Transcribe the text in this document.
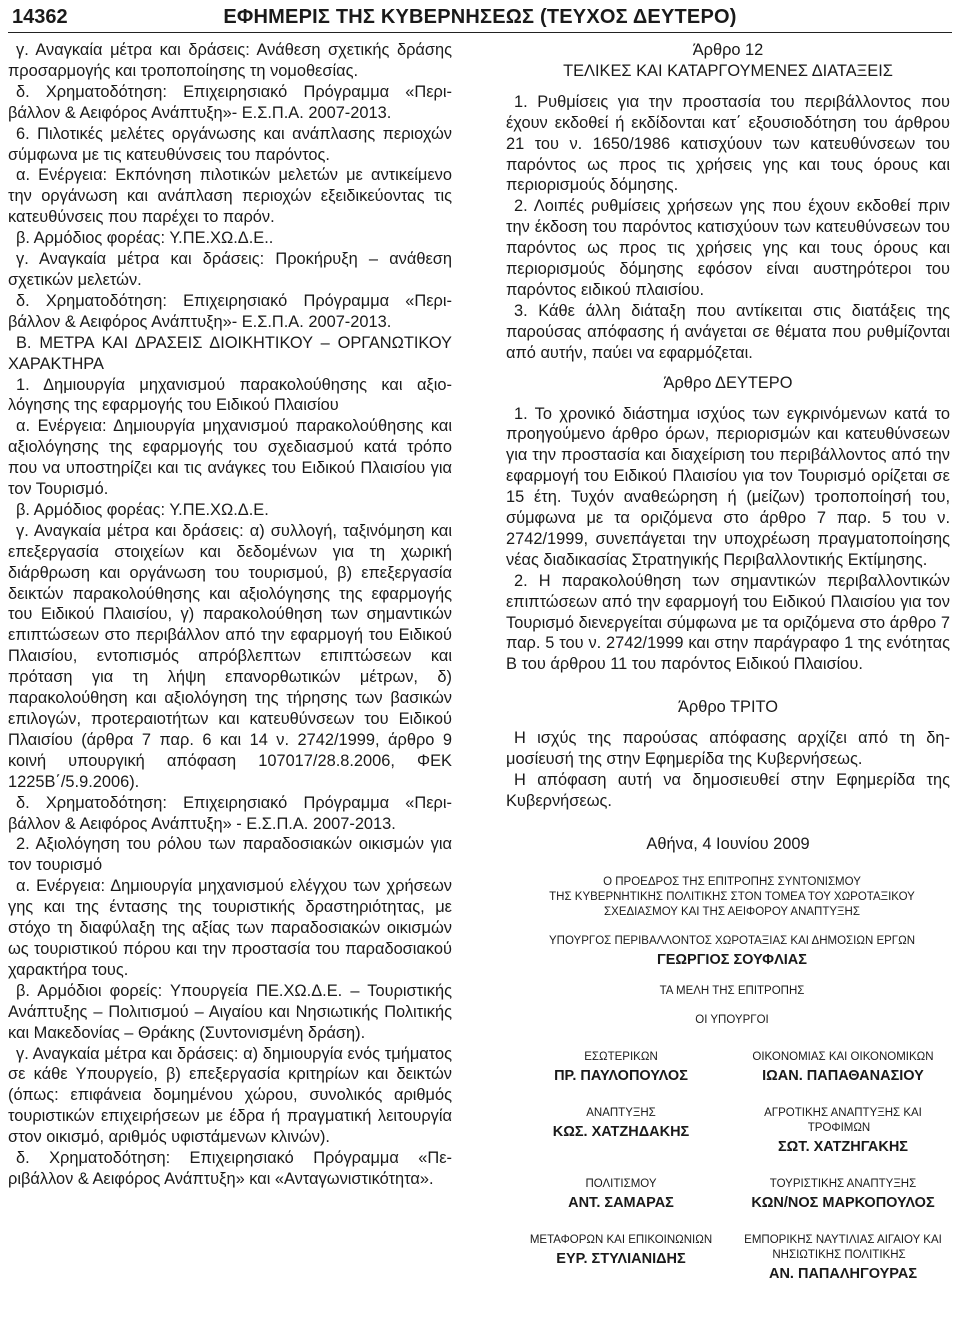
14362	ΕΦΗΜΕΡΙΣ ΤΗΣ ΚΥΒΕΡΝΗΣΕΩΣ (ΤΕΥΧΟΣ ΔΕΥΤΕΡΟ)

γ. Αναγκαία μέτρα και δράσεις: Ανάθεση σχετικής δράσης προσαρμογής και τροποποίησης τη νομοθεσίας.

δ. Χρηματοδότηση: Επιχειρησιακό Πρόγραμμα «Περιβάλλον & Αειφόρος Ανάπτυξη»- Ε.Σ.Π.Α. 2007-2013.

6. Πιλοτικές μελέτες οργάνωσης και ανάπλασης περιοχών σύμφωνα με τις κατευθύνσεις του παρόντος.

α. Ενέργεια: Εκπόνηση πιλοτικών μελετών με αντικείμενο την οργάνωση και ανάπλαση περιοχών εξειδικεύοντας τις κατευθύνσεις που παρέχει το παρόν.

β. Αρμόδιος φορέας: Υ.ΠΕ.ΧΩ.Δ.Ε..

γ. Αναγκαία μέτρα και δράσεις: Προκήρυξη – ανάθεση σχετικών μελετών.

δ. Χρηματοδότηση: Επιχειρησιακό Πρόγραμμα «Περιβάλλον & Αειφόρος Ανάπτυξη»- Ε.Σ.Π.Α. 2007-2013.

Β. ΜΕΤΡΑ ΚΑΙ ΔΡΑΣΕΙΣ ΔΙΟΙΚΗΤΙΚΟΥ – ΟΡΓΑΝΩΤΙΚΟΥ ΧΑΡΑΚΤΗΡΑ

1. Δημιουργία μηχανισμού παρακολούθησης και αξιολόγησης της εφαρμογής του Ειδικού Πλαισίου

α. Ενέργεια: Δημιουργία μηχανισμού παρακολούθησης και αξιολόγησης της εφαρμογής του σχεδιασμού κατά τρόπο που να υποστηρίζει και τις ανάγκες του Ειδικού Πλαισίου για τον Τουρισμό.

β. Αρμόδιος φορέας: Υ.ΠΕ.ΧΩ.Δ.Ε.

γ. Αναγκαία μέτρα και δράσεις: α) συλλογή, ταξινόμηση και επεξεργασία στοιχείων και δεδομένων για τη χωρική διάρθρωση και οργάνωση του τουρισμού, β) επεξεργασία δεικτών παρακολούθησης και αξιολόγησης της εφαρμογής του Ειδικού Πλαισίου, γ) παρακολούθηση των σημαντικών επιπτώσεων στο περιβάλλον από την εφαρμογή του Ειδικού Πλαισίου, εντοπισμός απρόβλεπτων επιπτώσεων και πρόταση για τη λήψη επανορθωτικών μέτρων, δ) παρακολούθηση και αξιολόγηση της τήρησης των βασικών επιλογών, προτεραιοτήτων και κατευθύνσεων του Ειδικού Πλαισίου (άρθρα 7 παρ. 6 και 14 ν. 2742/1999, άρθρο 9 κοινή υπουργική απόφαση 107017/28.8.2006, ΦΕΚ 1225Β΄/5.9.2006).

δ. Χρηματοδότηση: Επιχειρησιακό Πρόγραμμα «Περιβάλλον & Αειφόρος Ανάπτυξη» - Ε.Σ.Π.Α. 2007-2013.

2. Αξιολόγηση του ρόλου των παραδοσιακών οικισμών για τον τουρισμό

α. Ενέργεια: Δημιουργία μηχανισμού ελέγχου των χρήσεων γης και της έντασης της τουριστικής δραστηριότητας, με στόχο τη διαφύλαξη της αξίας των παραδοσιακών οικισμών ως τουριστικού πόρου και την προστασία του παραδοσιακού χαρακτήρα τους.

β. Αρμόδιοι φορείς: Υπουργεία ΠΕ.ΧΩ.Δ.Ε. – Τουριστικής Ανάπτυξης – Πολιτισμού – Αιγαίου και Νησιωτικής Πολιτικής και Μακεδονίας – Θράκης (Συντονισμένη δράση).

γ. Αναγκαία μέτρα και δράσεις: α) δημιουργία ενός τμήματος σε κάθε Υπουργείο, β) επεξεργασία κριτηρίων και δεικτών (όπως: επιφάνεια δομημένου χώρου, συνολικός αριθμός τουριστικών επιχειρήσεων με έδρα ή πραγματική λειτουργία στον οικισμό, αριθμός υφιστάμενων κλινών).

δ. Χρηματοδότηση: Επιχειρησιακό Πρόγραμμα «Περιβάλλον & Αειφόρος Ανάπτυξη» και «Ανταγωνιστικότητα».

Άρθρο 12

ΤΕΛΙΚΕΣ ΚΑΙ ΚΑΤΑΡΓΟΥΜΕΝΕΣ ΔΙΑΤΑΞΕΙΣ

1. Ρυθμίσεις για την προστασία του περιβάλλοντος που έχουν εκδοθεί ή εκδίδονται κατ΄ εξουσιοδότηση του άρθρου 21 του ν. 1650/1986 κατισχύουν των κατευθύνσεων του παρόντος ως προς τις χρήσεις γης και τους όρους και περιορισμούς δόμησης.

2. Λοιπές ρυθμίσεις χρήσεων γης που έχουν εκδοθεί πριν την έκδοση του παρόντος κατισχύουν των κατευθύνσεων του παρόντος ως προς τις χρήσεις γης και τους όρους και περιορισμούς δόμησης εφόσον είναι αυστηρότεροι του παρόντος ειδικού πλαισίου.

3. Κάθε άλλη διάταξη που αντίκειται στις διατάξεις της παρούσας απόφασης ή ανάγεται σε θέματα που ρυθμίζονται από αυτήν, παύει να εφαρμόζεται.

Άρθρο ΔΕΥΤΕΡΟ

1. Το χρονικό διάστημα ισχύος των εγκρινόμενων κατά το προηγούμενο άρθρο όρων, περιορισμών και κατευθύνσεων για την προστασία και διαχείριση του περιβάλλοντος από την εφαρμογή του Ειδικού Πλαισίου για τον Τουρισμό ορίζεται σε 15 έτη. Τυχόν αναθεώρηση ή (μείζων) τροποποίησή του, σύμφωνα με τα οριζόμενα στο άρθρο 7 παρ. 5 του ν. 2742/1999, συνεπάγεται την υποχρέωση πραγματοποίησης νέας διαδικασίας Στρατηγικής Περιβαλλοντικής Εκτίμησης.

2. Η παρακολούθηση των σημαντικών περιβαλλοντικών επιπτώσεων από την εφαρμογή του Ειδικού Πλαισίου για τον Τουρισμό διενεργείται σύμφωνα με τα οριζόμενα στο άρθρο 7 παρ. 5 του ν. 2742/1999 και στην παράγραφο 1 της ενότητας Β του άρθρου 11 του παρόντος Ειδικού Πλαισίου.

Άρθρο ΤΡΙΤΟ

Η ισχύς της παρούσας απόφασης αρχίζει από τη δημοσίευσή της στην Εφημερίδα της Κυβερνήσεως.

Η απόφαση αυτή να δημοσιευθεί στην Εφημερίδα της Κυβερνήσεως.

Αθήνα, 4 Ιουνίου 2009

Ο ΠΡΟΕΔΡΟΣ ΤΗΣ ΕΠΙΤΡΟΠΗΣ ΣΥΝΤΟΝΙΣΜΟΥ

ΤΗΣ ΚΥΒΕΡΝΗΤΙΚΗΣ ΠΟΛΙΤΙΚΗΣ ΣΤΟΝ ΤΟΜΕΑ ΤΟΥ ΧΩΡΟΤΑΞΙΚΟΥ

ΣΧΕΔΙΑΣΜΟΥ ΚΑΙ ΤΗΣ ΑΕΙΦΟΡΟΥ ΑΝΑΠΤΥΞΗΣ

ΥΠΟΥΡΓΟΣ ΠΕΡΙΒΑΛΛΟΝΤΟΣ ΧΩΡΟΤΑΞΙΑΣ ΚΑΙ ΔΗΜΟΣΙΩΝ ΕΡΓΩΝ

ΓΕΩΡΓΙΟΣ ΣΟΥΦΛΙΑΣ

ΤΑ ΜΕΛΗ ΤΗΣ ΕΠΙΤΡΟΠΗΣ

ΟΙ ΥΠΟΥΡΓΟΙ

ΕΣΩΤΕΡΙΚΩΝ

ΠΡ. ΠΑΥΛΟΠΟΥΛΟΣ

ΟΙΚΟΝΟΜΙΑΣ ΚΑΙ ΟΙΚΟΝΟΜΙΚΩΝ

ΙΩΑΝ. ΠΑΠΑΘΑΝΑΣΙΟΥ

ΑΝΑΠΤΥΞΗΣ

ΚΩΣ. ΧΑΤΖΗΔΑΚΗΣ

ΑΓΡΟΤΙΚΗΣ ΑΝΑΠΤΥΞΗΣ ΚΑΙ ΤΡΟΦΙΜΩΝ

ΣΩΤ. ΧΑΤΖΗΓΑΚΗΣ

ΠΟΛΙΤΙΣΜΟΥ

ΑΝΤ. ΣΑΜΑΡΑΣ

ΤΟΥΡΙΣΤΙΚΗΣ ΑΝΑΠΤΥΞΗΣ

ΚΩΝ/ΝΟΣ ΜΑΡΚΟΠΟΥΛΟΣ

ΜΕΤΑΦΟΡΩΝ ΚΑΙ ΕΠΙΚΟΙΝΩΝΙΩΝ

ΕΥΡ. ΣΤΥΛΙΑΝΙΔΗΣ

ΕΜΠΟΡΙΚΗΣ ΝΑΥΤΙΛΙΑΣ ΑΙΓΑΙΟΥ ΚΑΙ ΝΗΣΙΩΤΙΚΗΣ ΠΟΛΙΤΙΚΗΣ

ΑΝ. ΠΑΠΑΛΗΓΟΥΡΑΣ
